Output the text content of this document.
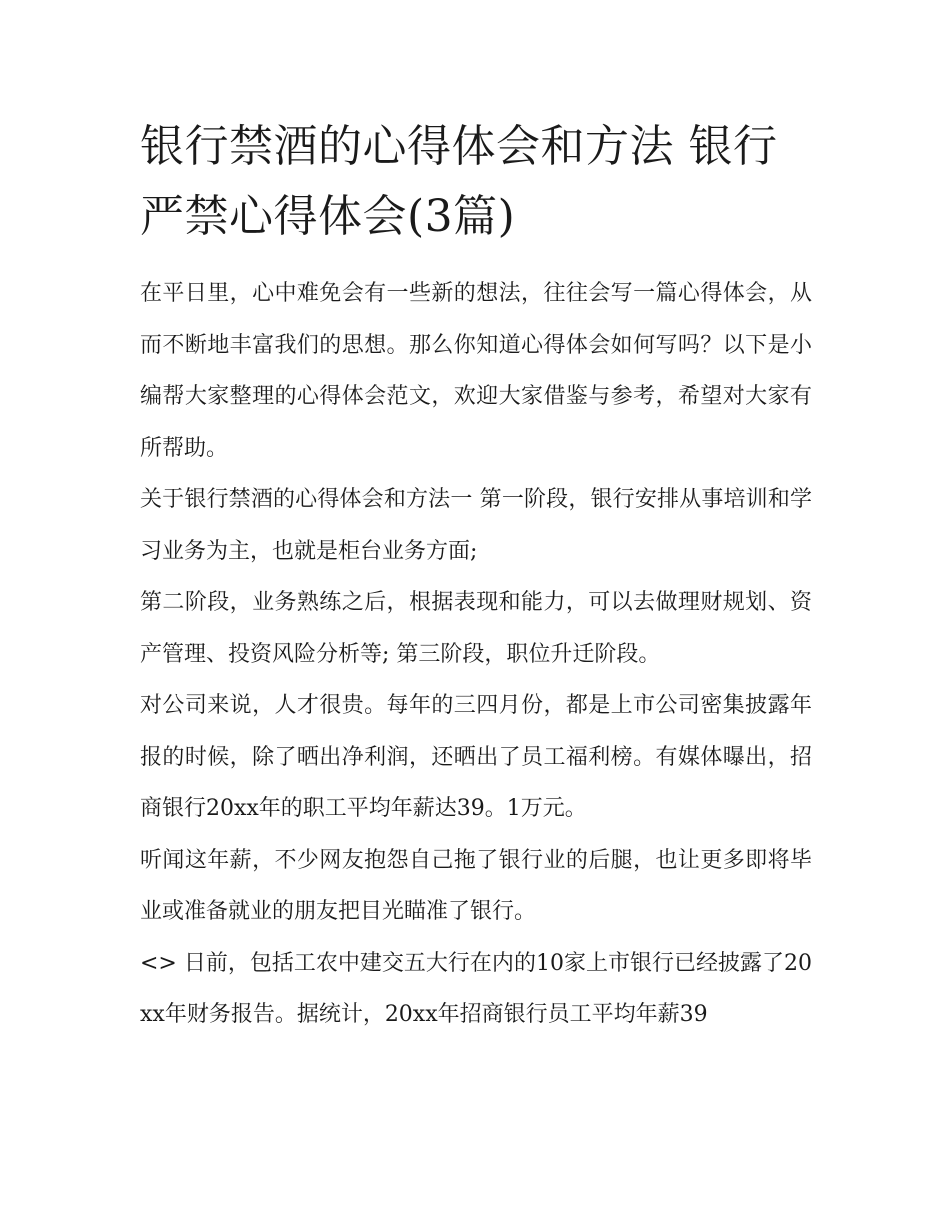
银行禁酒的心得体会和方法 银行严禁心得体会(3篇)

在平日里，心中难免会有一些新的想法，往往会写一篇心得体会，从而不断地丰富我们的思想。那么你知道心得体会如何写吗？以下是小编帮大家整理的心得体会范文，欢迎大家借鉴与参考，希望对大家有所帮助。

关于银行禁酒的心得体会和方法一 第一阶段，银行安排从事培训和学习业务为主，也就是柜台业务方面;

第二阶段，业务熟练之后，根据表现和能力，可以去做理财规划、资产管理、投资风险分析等; 第三阶段，职位升迁阶段。

对公司来说，人才很贵。每年的三四月份，都是上市公司密集披露年报的时候，除了晒出净利润，还晒出了员工福利榜。有媒体曝出，招商银行20xx年的职工平均年薪达39。1万元。

听闻这年薪，不少网友抱怨自己拖了银行业的后腿，也让更多即将毕业或准备就业的朋友把目光瞄准了银行。

<> 日前，包括工农中建交五大行在内的10家上市银行已经披露了20xx年财务报告。据统计，20xx年招商银行员工平均年薪39
